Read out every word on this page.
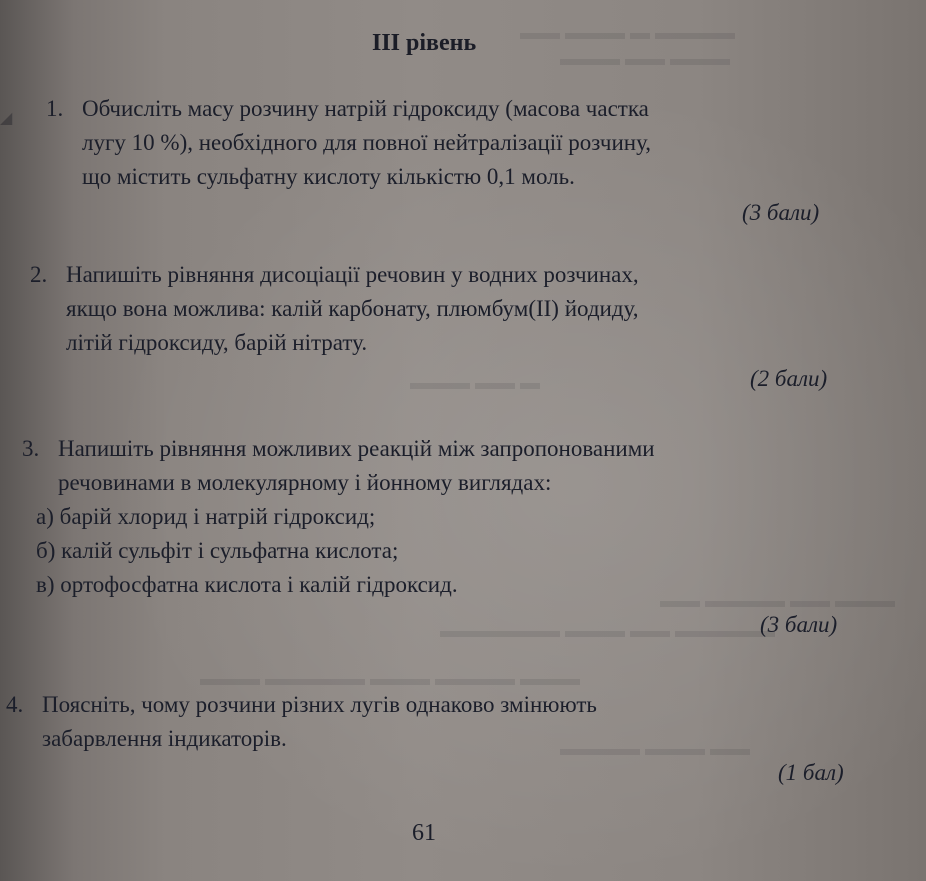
▬▬ ▬▬▬ ▬ ▬▬▬▬
▬▬▬ ▬▬ ▬▬▬
▬▬▬ ▬▬ ▬
▬▬ ▬▬▬▬ ▬▬ ▬▬▬
▬▬▬▬▬▬ ▬▬▬ ▬▬ ▬▬▬▬▬
▬▬▬ ▬▬▬▬▬ ▬▬▬ ▬▬▬▬ ▬▬▬
▬▬▬▬ ▬▬▬ ▬▬
◢
ІІІ рівень
1. Обчисліть масу розчину натрій гідроксиду (масова частка
лугу 10 %), необхідного для повної нейтралізації розчину,
що містить сульфатну кислоту кількістю 0,1 моль.
(3 бали)
2. Напишіть рівняння дисоціації речовин у водних розчинах,
якщо вона можлива: калій карбонату, плюмбум(ІІ) йодиду,
літій гідроксиду, барій нітрату.
(2 бали)
3. Напишіть рівняння можливих реакцій між запропонованими
речовинами в молекулярному і йонному виглядах:
а) барій хлорид і натрій гідроксид;
б) калій сульфіт і сульфатна кислота;
в) ортофосфатна кислота і калій гідроксид.
(3 бали)
4. Поясніть, чому розчини різних лугів однаково змінюють
забарвлення індикаторів.
(1 бал)
61
